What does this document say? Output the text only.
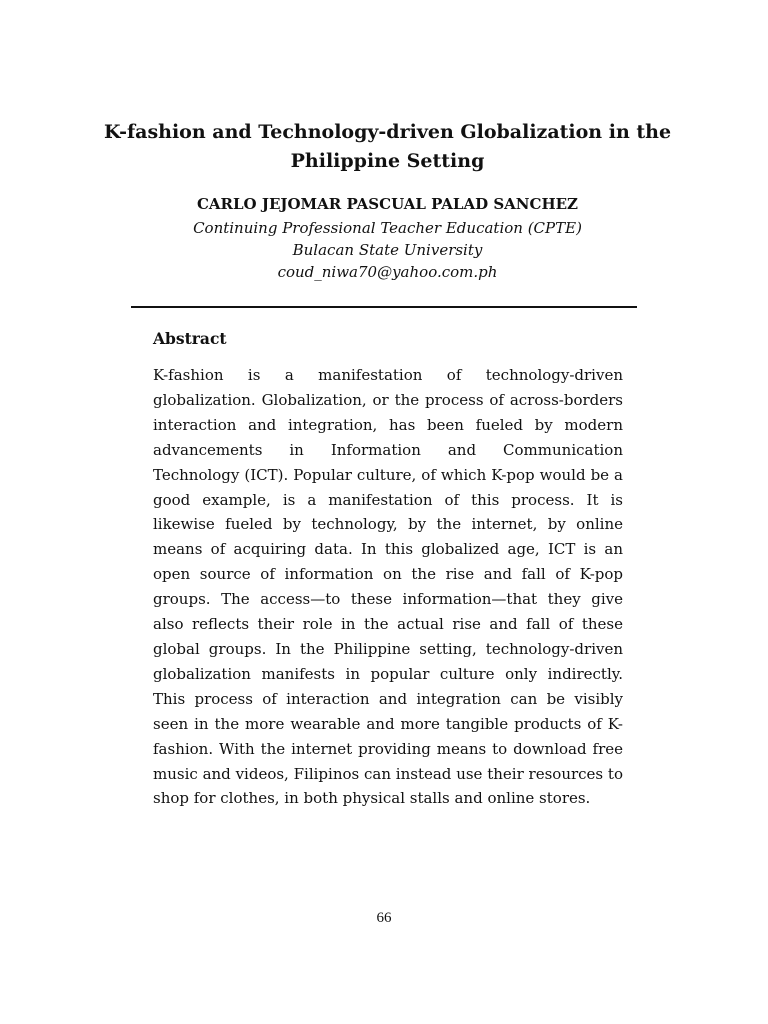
K-fashion and Technology-driven Globalization in the Philippine Setting

CARLO JEJOMAR PASCUAL PALAD SANCHEZ

Continuing Professional Teacher Education (CPTE)
Bulacan State University
coud_niwa70@yahoo.com.ph
Abstract

K-fashion is a manifestation of technology-driven globalization. Globalization, or the process of across-borders interaction and integration, has been fueled by modern advancements in Information and Communication Technology (ICT). Popular culture, of which K-pop would be a good example, is a manifestation of this process. It is likewise fueled by technology, by the internet, by online means of acquiring data. In this globalized age, ICT is an open source of information on the rise and fall of K-pop groups. The access—to these information—that they give also reflects their role in the actual rise and fall of these global groups. In the Philippine setting, technology-driven globalization manifests in popular culture only indirectly. This process of interaction and integration can be visibly seen in the more wearable and more tangible products of K-fashion. With the internet providing means to download free music and videos, Filipinos can instead use their resources to shop for clothes, in both physical stalls and online stores.

66
